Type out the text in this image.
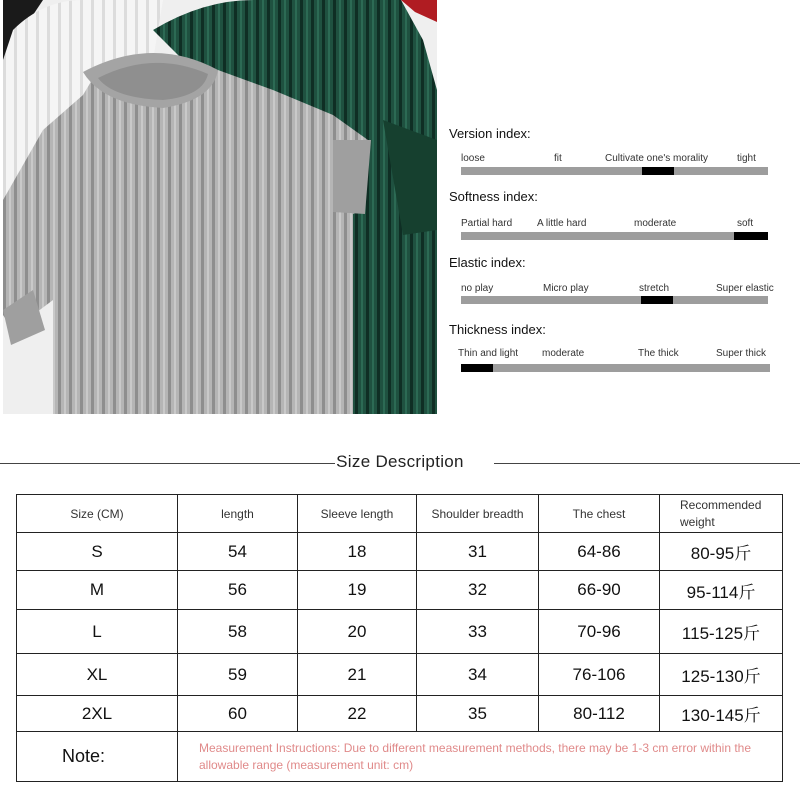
Version index:
loose	fit	Cultivate one's morality	tight
Softness index:
Partial hard A little hard	moderate	soft
Elastic index:
no play	Micro play	stretch	Super elastic
Thickness index:
Thin and light moderate	The thick	Super thick
Size Description
Size (CM)	length	Sleeve length	Shoulder breadth	The chest	Recommended weight
S	54	18	31	64-86	80-95斤
M	56	19	32	66-90	95-114斤
L	58	20	33	70-96	115-125斤
XL	59	21	34	76-106	125-130斤
2XL	60	22	35	80-112	130-145斤
Note:	Measurement Instructions: Due to different measurement methods, there may be 1-3 cm error within the allowable range (measurement unit: cm)				
